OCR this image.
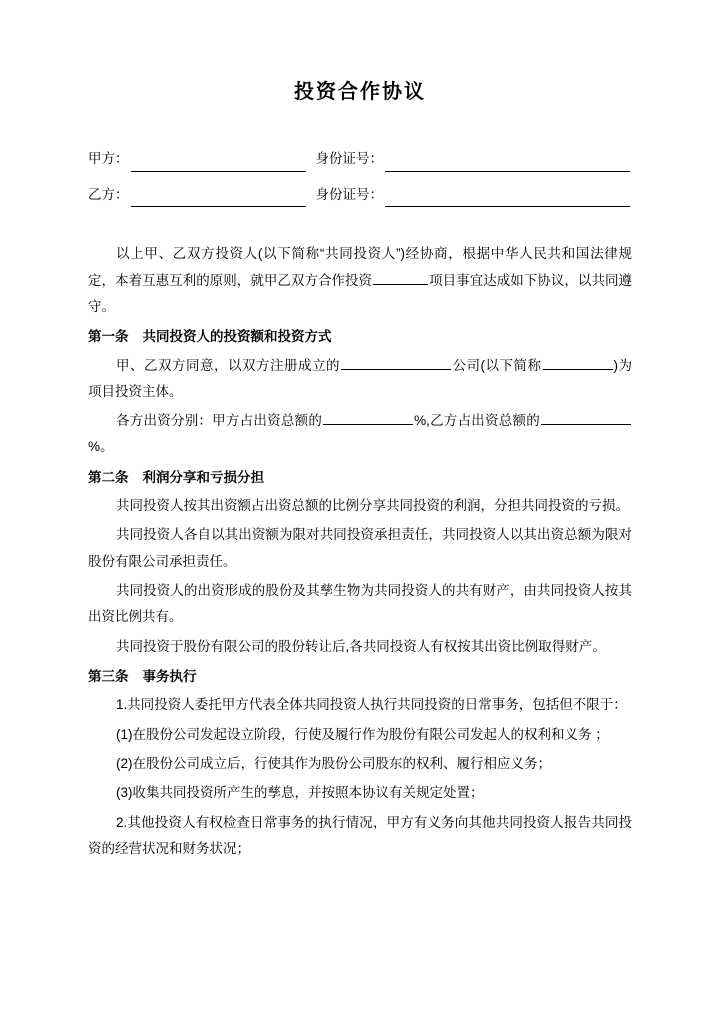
投资合作协议
甲方：	身份证号：
乙方：	身份证号：

以上甲、乙双方投资人(以下简称“共同投资人”)经协商，根据中华人民共和国法律规定，本着互惠互利的原则，就甲乙双方合作投资	项目事宜达成如下协议，以共同遵守。

第一条 共同投资人的投资额和投资方式

甲、乙双方同意，以双方注册成立的	公司(以下简称	)为项目投资主体。

各方出资分别：甲方占出资总额的	%,乙方占出资总额的%。

第二条 利润分享和亏损分担

共同投资人按其出资额占出资总额的比例分享共同投资的利润，分担共同投资的亏损。

共同投资人各自以其出资额为限对共同投资承担责任，共同投资人以其出资总额为限对股份有限公司承担责任。

共同投资人的出资形成的股份及其孳生物为共同投资人的共有财产，由共同投资人按其出资比例共有。

共同投资于股份有限公司的股份转让后,各共同投资人有权按其出资比例取得财产。

第三条 事务执行

1.共同投资人委托甲方代表全体共同投资人执行共同投资的日常事务，包括但不限于：

(1)在股份公司发起设立阶段，行使及履行作为股份有限公司发起人的权利和义务 ；

(2)在股份公司成立后，行使其作为股份公司股东的权利、履行相应义务；

(3)收集共同投资所产生的孳息，并按照本协议有关规定处置；

2.其他投资人有权检查日常事务的执行情况，甲方有义务向其他共同投资人报告共同投资的经营状况和财务状况；
